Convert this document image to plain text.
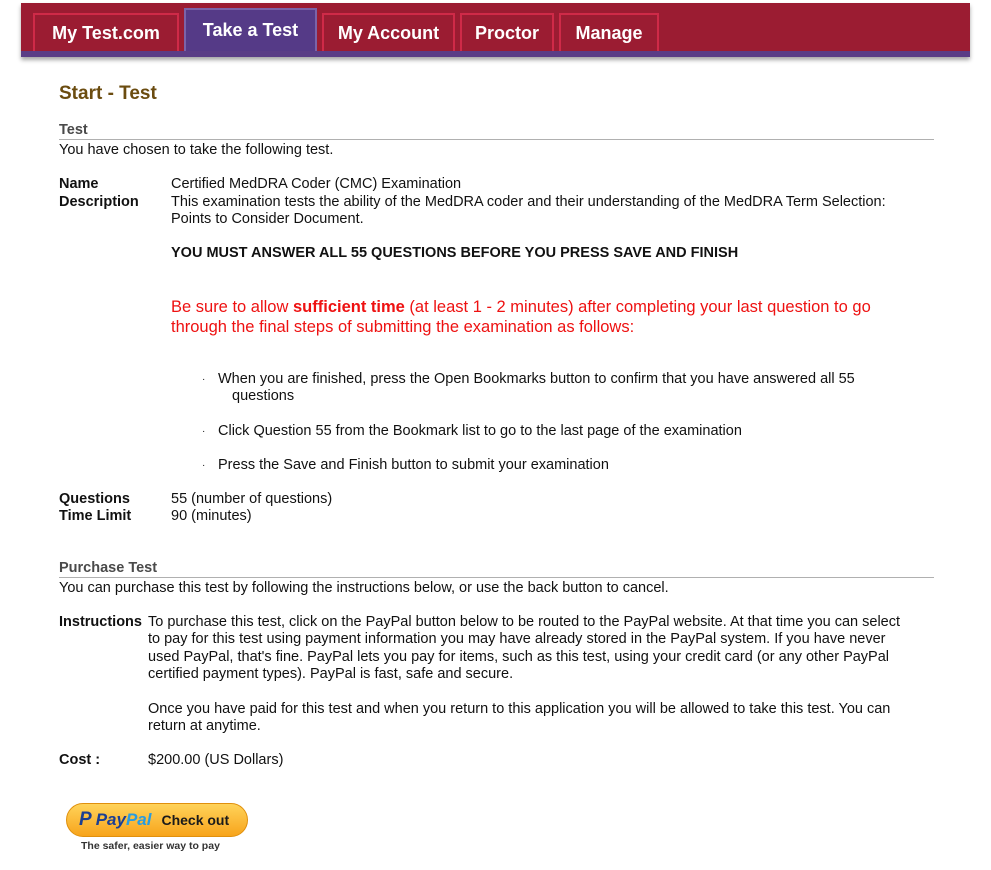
My Test.com	Take a Test	My Account	Proctor	Manage
Start - Test
Test
You have chosen to take the following test.
Name	Certified MedDRA Coder (CMC) Examination
Description This examination tests the ability of the MedDRA coder and their understanding of the MedDRA Term Selection:
Points to Consider Document.
YOU MUST ANSWER ALL 55 QUESTIONS BEFORE YOU PRESS SAVE AND FINISH
Be sure to allow sufficient time (at least 1 - 2 minutes) after completing your last question to go
through the final steps of submitting the examination as follows:
· When you are finished, press the Open Bookmarks button to confirm that you have answered all 55
questions
· Click Question 55 from the Bookmark list to go to the last page of the examination
· Press the Save and Finish button to submit your examination
Questions	55 (number of questions)
Time Limit	90 (minutes)
Purchase Test
You can purchase this test by following the instructions below, or use the back button to cancel.
Instructions To purchase this test, click on the PayPal button below to be routed to the PayPal website. At that time you can select
to pay for this test using payment information you may have already stored in the PayPal system. If you have never
used PayPal, that's fine. PayPal lets you pay for items, such as this test, using your credit card (or any other PayPal
certified payment types). PayPal is fast, safe and secure.
Once you have paid for this test and when you return to this application you will be allowed to take this test. You can
return at anytime.
Cost :	$200.00 (US Dollars)
P PayPal Check out
The safer, easier way to pay
